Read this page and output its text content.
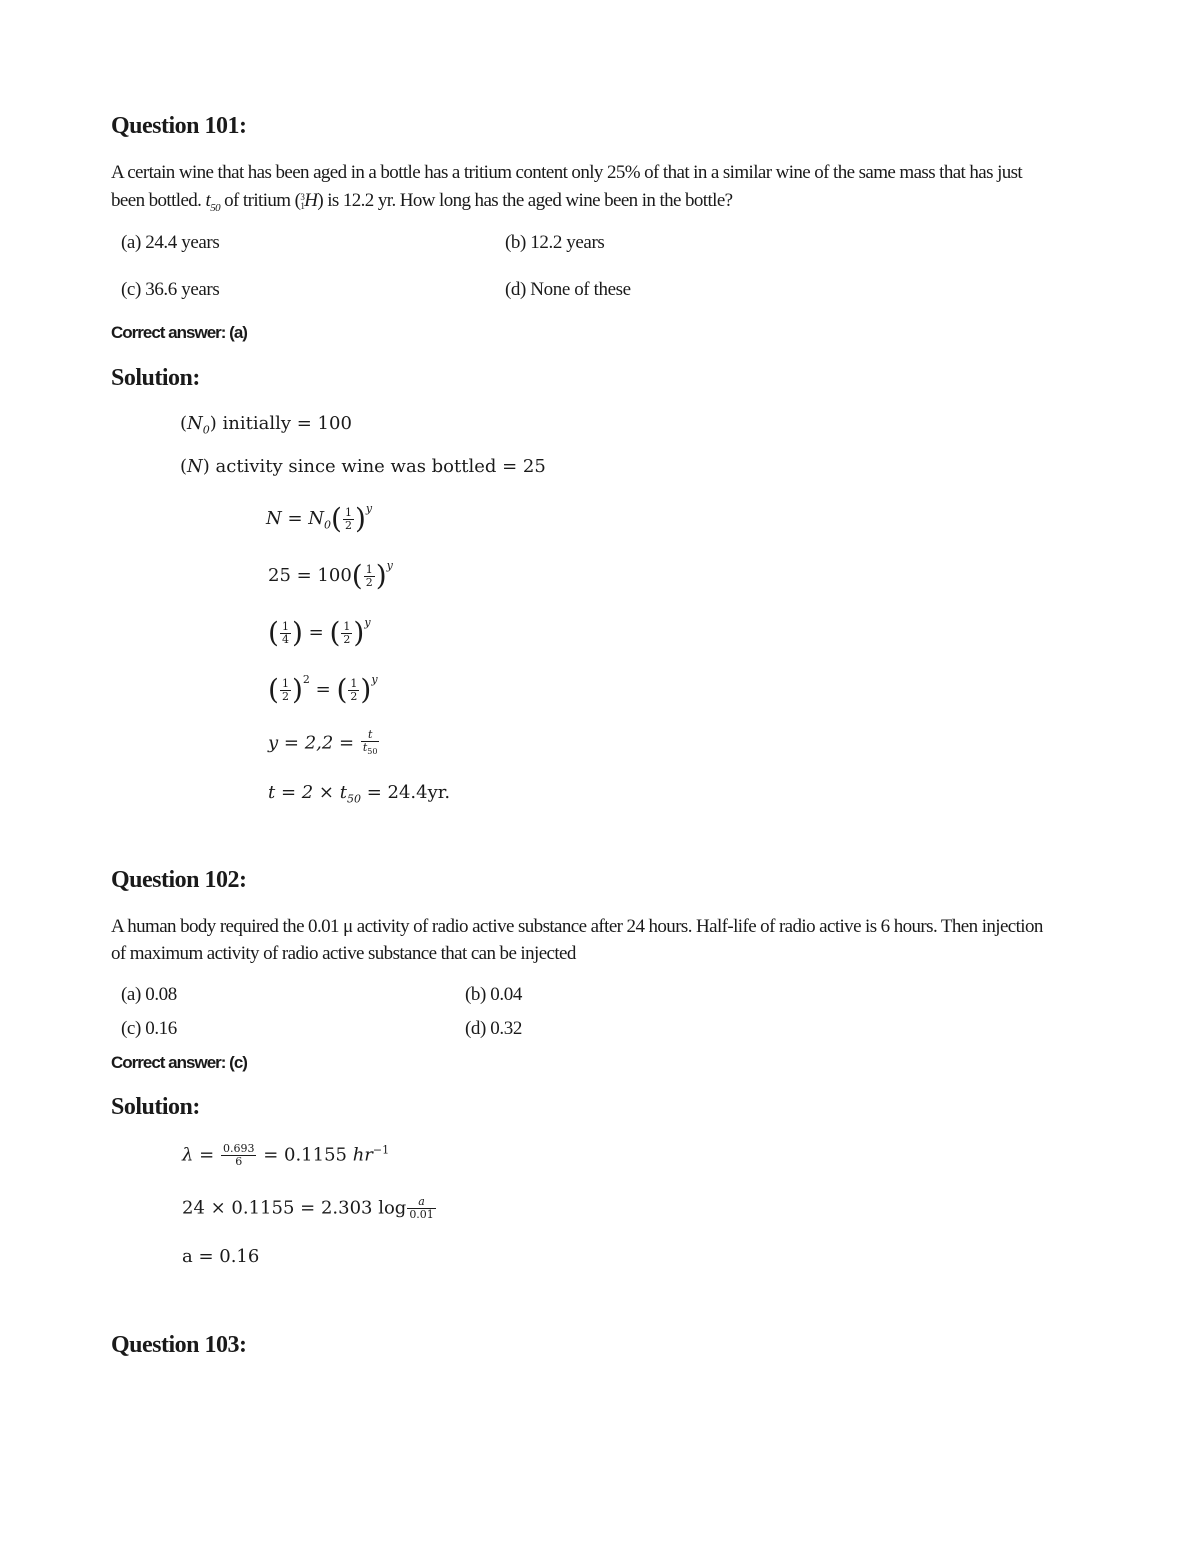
Question 101:
A certain wine that has been aged in a bottle has a tritium content only 25% of that in a similar wine of the same mass that has just
been bottled. $t_{50}$ of tritium ( 3
1 H) is 12.2 yr. How long has the aged wine been in the bottle?
(a) 24.4 years	(b) 12.2 years
(c) 36.6 years	(d) None of these
Correct answer: (a)
Solution:
$(N_0)$ initially = 100
(N) activity since wine was bottled = 25
$N = N_0( \frac{1}{2} )^y$
$25 = 100( \frac{1}{2} )^y$
( $\frac{1}{4}$ ) = ( $\frac{1}{2} )^y$
( $\frac{1}{2} )^2$ = ( $\frac{1}{2} )^y$
$y = 2,2 = \frac{t}{t_{50}}$
$t = 2 \times t_{50} = 24.4yr$.
Question 102:
A human body required the 0.01 μ activity of radio active substance after 24 hours. Half-life of radio active is 6 hours. Then injection
of maximum activity of radio active substance that can be injected
(a) 0.08	(b) 0.04
(c) 0.16	(d) 0.32
Correct answer: (c)
Solution:
$\lambda = \frac{0.693}{6} = 0.1155$ $hr^{-1}$
24 × 0.1155 = 2.303 $\log \frac{a}{0.01}$
a = 0.16
Question 103:
